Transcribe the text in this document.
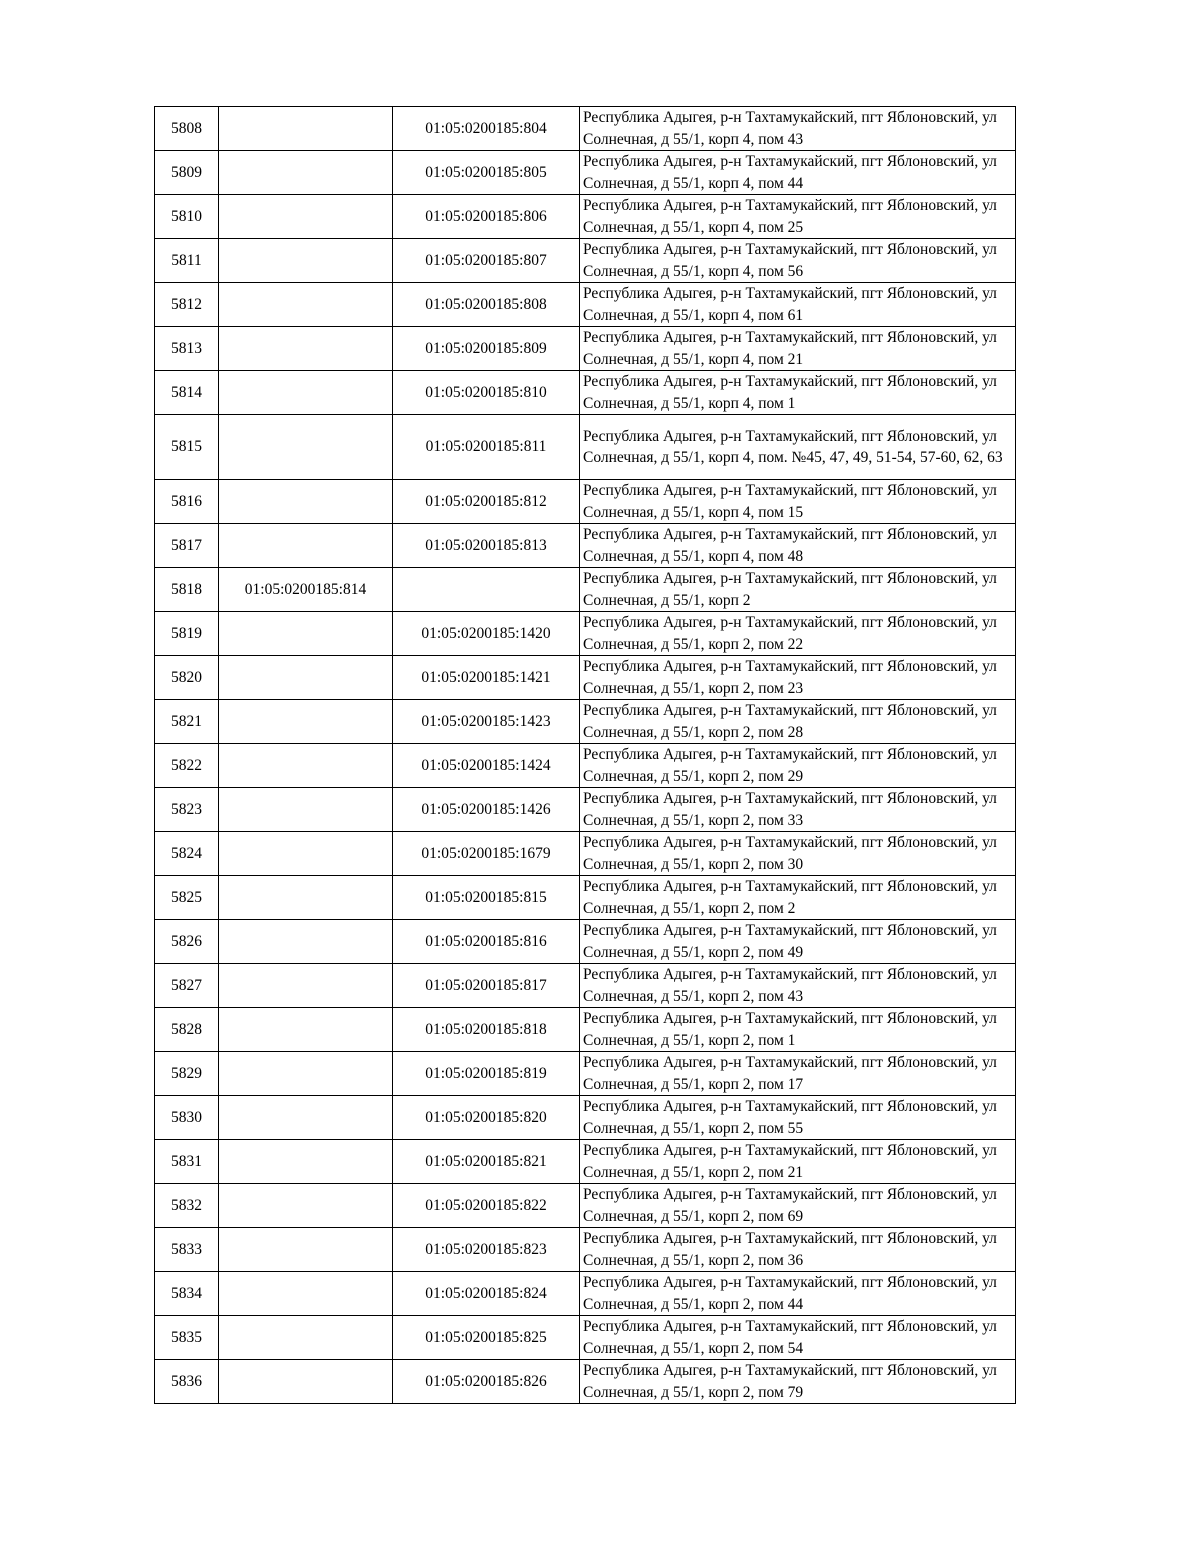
5808		01:05:0200185:804	Республика Адыгея, р-н Тахтамукайский, пгт Яблоновский, ул Солнечная, д 55/1, корп 4, пом 43
5809		01:05:0200185:805	Республика Адыгея, р-н Тахтамукайский, пгт Яблоновский, ул Солнечная, д 55/1, корп 4, пом 44
5810		01:05:0200185:806	Республика Адыгея, р-н Тахтамукайский, пгт Яблоновский, ул Солнечная, д 55/1, корп 4, пом 25
5811		01:05:0200185:807	Республика Адыгея, р-н Тахтамукайский, пгт Яблоновский, ул Солнечная, д 55/1, корп 4, пом 56
5812		01:05:0200185:808	Республика Адыгея, р-н Тахтамукайский, пгт Яблоновский, ул Солнечная, д 55/1, корп 4, пом 61
5813		01:05:0200185:809	Республика Адыгея, р-н Тахтамукайский, пгт Яблоновский, ул Солнечная, д 55/1, корп 4, пом 21
5814		01:05:0200185:810	Республика Адыгея, р-н Тахтамукайский, пгт Яблоновский, ул Солнечная, д 55/1, корп 4, пом 1
5815		01:05:0200185:811	Республика Адыгея, р-н Тахтамукайский, пгт Яблоновский, ул Солнечная, д 55/1, корп 4, пом. №45, 47, 49, 51-54, 57-60, 62, 63
5816		01:05:0200185:812	Республика Адыгея, р-н Тахтамукайский, пгт Яблоновский, ул Солнечная, д 55/1, корп 4, пом 15
5817		01:05:0200185:813	Республика Адыгея, р-н Тахтамукайский, пгт Яблоновский, ул Солнечная, д 55/1, корп 4, пом 48
5818	01:05:0200185:814		Республика Адыгея, р-н Тахтамукайский, пгт Яблоновский, ул Солнечная, д 55/1, корп 2
5819		01:05:0200185:1420	Республика Адыгея, р-н Тахтамукайский, пгт Яблоновский, ул Солнечная, д 55/1, корп 2, пом 22
5820		01:05:0200185:1421	Республика Адыгея, р-н Тахтамукайский, пгт Яблоновский, ул Солнечная, д 55/1, корп 2, пом 23
5821		01:05:0200185:1423	Республика Адыгея, р-н Тахтамукайский, пгт Яблоновский, ул Солнечная, д 55/1, корп 2, пом 28
5822		01:05:0200185:1424	Республика Адыгея, р-н Тахтамукайский, пгт Яблоновский, ул Солнечная, д 55/1, корп 2, пом 29
5823		01:05:0200185:1426	Республика Адыгея, р-н Тахтамукайский, пгт Яблоновский, ул Солнечная, д 55/1, корп 2, пом 33
5824		01:05:0200185:1679	Республика Адыгея, р-н Тахтамукайский, пгт Яблоновский, ул Солнечная, д 55/1, корп 2, пом 30
5825		01:05:0200185:815	Республика Адыгея, р-н Тахтамукайский, пгт Яблоновский, ул Солнечная, д 55/1, корп 2, пом 2
5826		01:05:0200185:816	Республика Адыгея, р-н Тахтамукайский, пгт Яблоновский, ул Солнечная, д 55/1, корп 2, пом 49
5827		01:05:0200185:817	Республика Адыгея, р-н Тахтамукайский, пгт Яблоновский, ул Солнечная, д 55/1, корп 2, пом 43
5828		01:05:0200185:818	Республика Адыгея, р-н Тахтамукайский, пгт Яблоновский, ул Солнечная, д 55/1, корп 2, пом 1
5829		01:05:0200185:819	Республика Адыгея, р-н Тахтамукайский, пгт Яблоновский, ул Солнечная, д 55/1, корп 2, пом 17
5830		01:05:0200185:820	Республика Адыгея, р-н Тахтамукайский, пгт Яблоновский, ул Солнечная, д 55/1, корп 2, пом 55
5831		01:05:0200185:821	Республика Адыгея, р-н Тахтамукайский, пгт Яблоновский, ул Солнечная, д 55/1, корп 2, пом 21
5832		01:05:0200185:822	Республика Адыгея, р-н Тахтамукайский, пгт Яблоновский, ул Солнечная, д 55/1, корп 2, пом 69
5833		01:05:0200185:823	Республика Адыгея, р-н Тахтамукайский, пгт Яблоновский, ул Солнечная, д 55/1, корп 2, пом 36
5834		01:05:0200185:824	Республика Адыгея, р-н Тахтамукайский, пгт Яблоновский, ул Солнечная, д 55/1, корп 2, пом 44
5835		01:05:0200185:825	Республика Адыгея, р-н Тахтамукайский, пгт Яблоновский, ул Солнечная, д 55/1, корп 2, пом 54
5836		01:05:0200185:826	Республика Адыгея, р-н Тахтамукайский, пгт Яблоновский, ул Солнечная, д 55/1, корп 2, пом 79
